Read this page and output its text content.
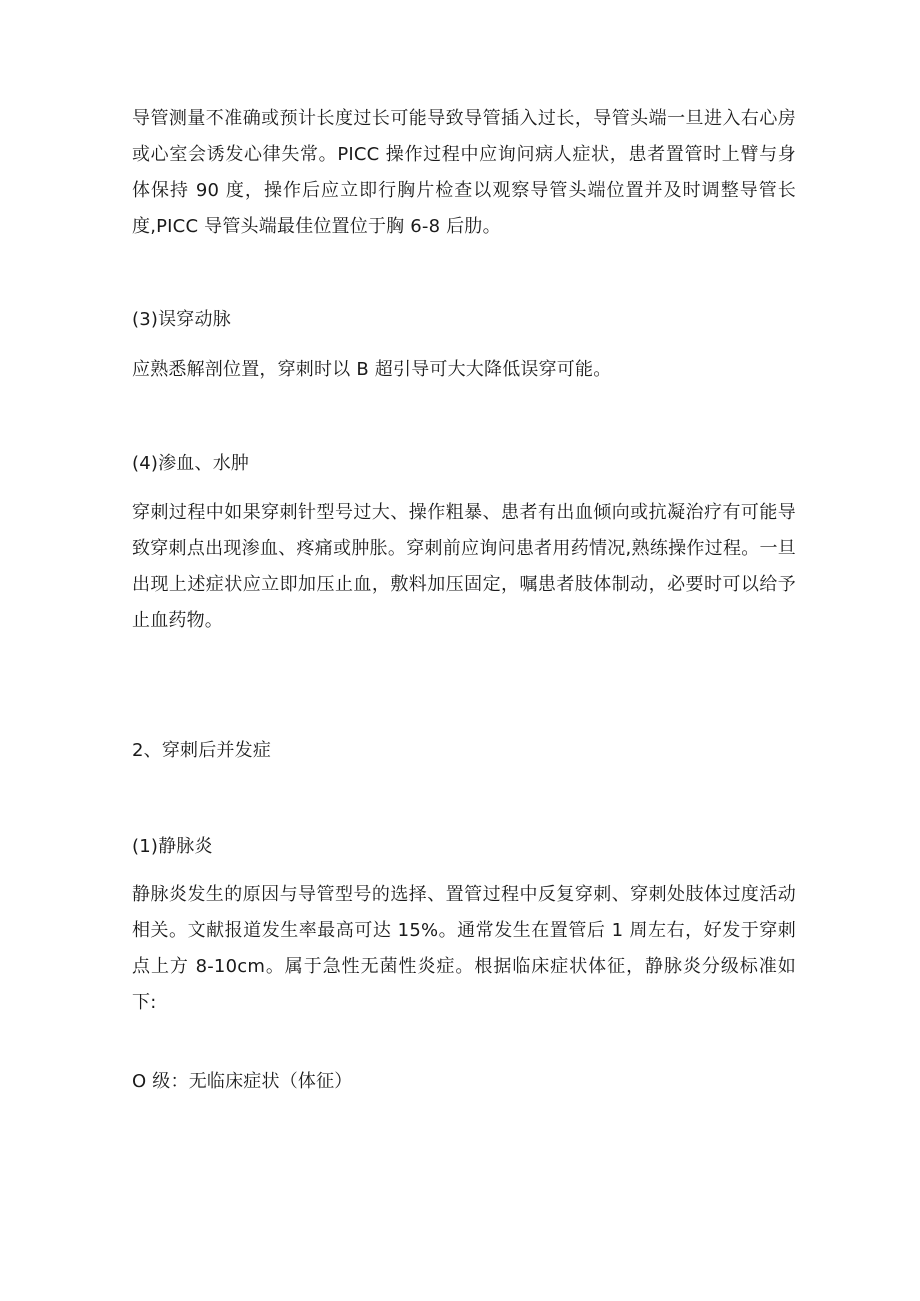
导管测量不准确或预计长度过长可能导致导管插入过长，导管头端一旦进入右心房或心室会诱发心律失常。PICC 操作过程中应询问病人症状，患者置管时上臂与身体保持 90 度，操作后应立即行胸片检查以观察导管头端位置并及时调整导管长度,PICC 导管头端最佳位置位于胸 6-8 后肋。

(3)误穿动脉

应熟悉解剖位置，穿刺时以 B 超引导可大大降低误穿可能。

(4)渗血、水肿

穿刺过程中如果穿刺针型号过大、操作粗暴、患者有出血倾向或抗凝治疗有可能导致穿刺点出现渗血、疼痛或肿胀。穿刺前应询问患者用药情况,熟练操作过程。一旦出现上述症状应立即加压止血，敷料加压固定，嘱患者肢体制动，必要时可以给予止血药物。

2、穿刺后并发症

(1)静脉炎

静脉炎发生的原因与导管型号的选择、置管过程中反复穿刺、穿刺处肢体过度活动相关。文献报道发生率最高可达 15%。通常发生在置管后 1 周左右，好发于穿刺点上方 8-10cm。属于急性无菌性炎症。根据临床症状体征，静脉炎分级标准如下:

O 级：无临床症状（体征）
